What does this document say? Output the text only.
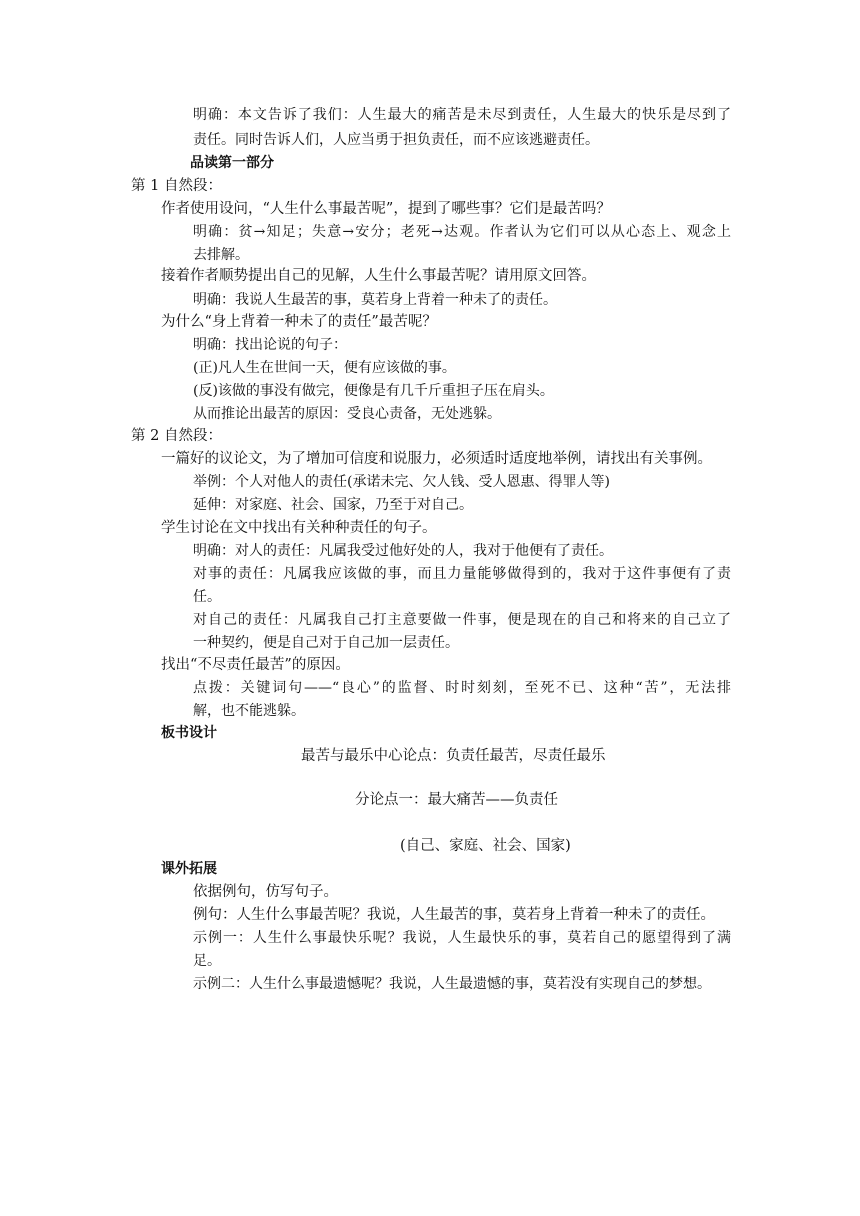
明确：本文告诉了我们：人生最大的痛苦是未尽到责任，人生最大的快乐是尽到了
责任。同时告诉人们，人应当勇于担负责任，而不应该逃避责任。
品读第一部分
第 1 自然段：
作者使用设问，“人生什么事最苦呢”，提到了哪些事？它们是最苦吗？
明确：贫→知足；失意→安分；老死→达观。作者认为它们可以从心态上、观念上
去排解。
接着作者顺势提出自己的见解，人生什么事最苦呢？请用原文回答。
明确：我说人生最苦的事，莫若身上背着一种未了的责任。
为什么“身上背着一种未了的责任”最苦呢？
明确：找出论说的句子：
(正)凡人生在世间一天，便有应该做的事。
(反)该做的事没有做完，便像是有几千斤重担子压在肩头。
从而推论出最苦的原因：受良心责备，无处逃躲。
第 2 自然段：
一篇好的议论文，为了增加可信度和说服力，必须适时适度地举例，请找出有关事例。
举例：个人对他人的责任(承诺未完、欠人钱、受人恩惠、得罪人等)
延伸：对家庭、社会、国家，乃至于对自己。
学生讨论在文中找出有关种种责任的句子。
明确：对人的责任：凡属我受过他好处的人，我对于他便有了责任。
对事的责任：凡属我应该做的事，而且力量能够做得到的，我对于这件事便有了责
任。
对自己的责任：凡属我自己打主意要做一件事，便是现在的自己和将来的自己立了
一种契约，便是自己对于自己加一层责任。
找出“不尽责任最苦”的原因。
点拨：关键词句——“良心”的监督、时时刻刻，至死不已、这种“苦”，无法排
解，也不能逃躲。
板书设计
最苦与最乐中心论点：负责任最苦，尽责任最乐
分论点一：最大痛苦——负责任
(自己、家庭、社会、国家)
课外拓展
依据例句，仿写句子。
例句：人生什么事最苦呢？我说，人生最苦的事，莫若身上背着一种未了的责任。
示例一：人生什么事最快乐呢？我说，人生最快乐的事，莫若自己的愿望得到了满
足。
示例二：人生什么事最遗憾呢？我说，人生最遗憾的事，莫若没有实现自己的梦想。
